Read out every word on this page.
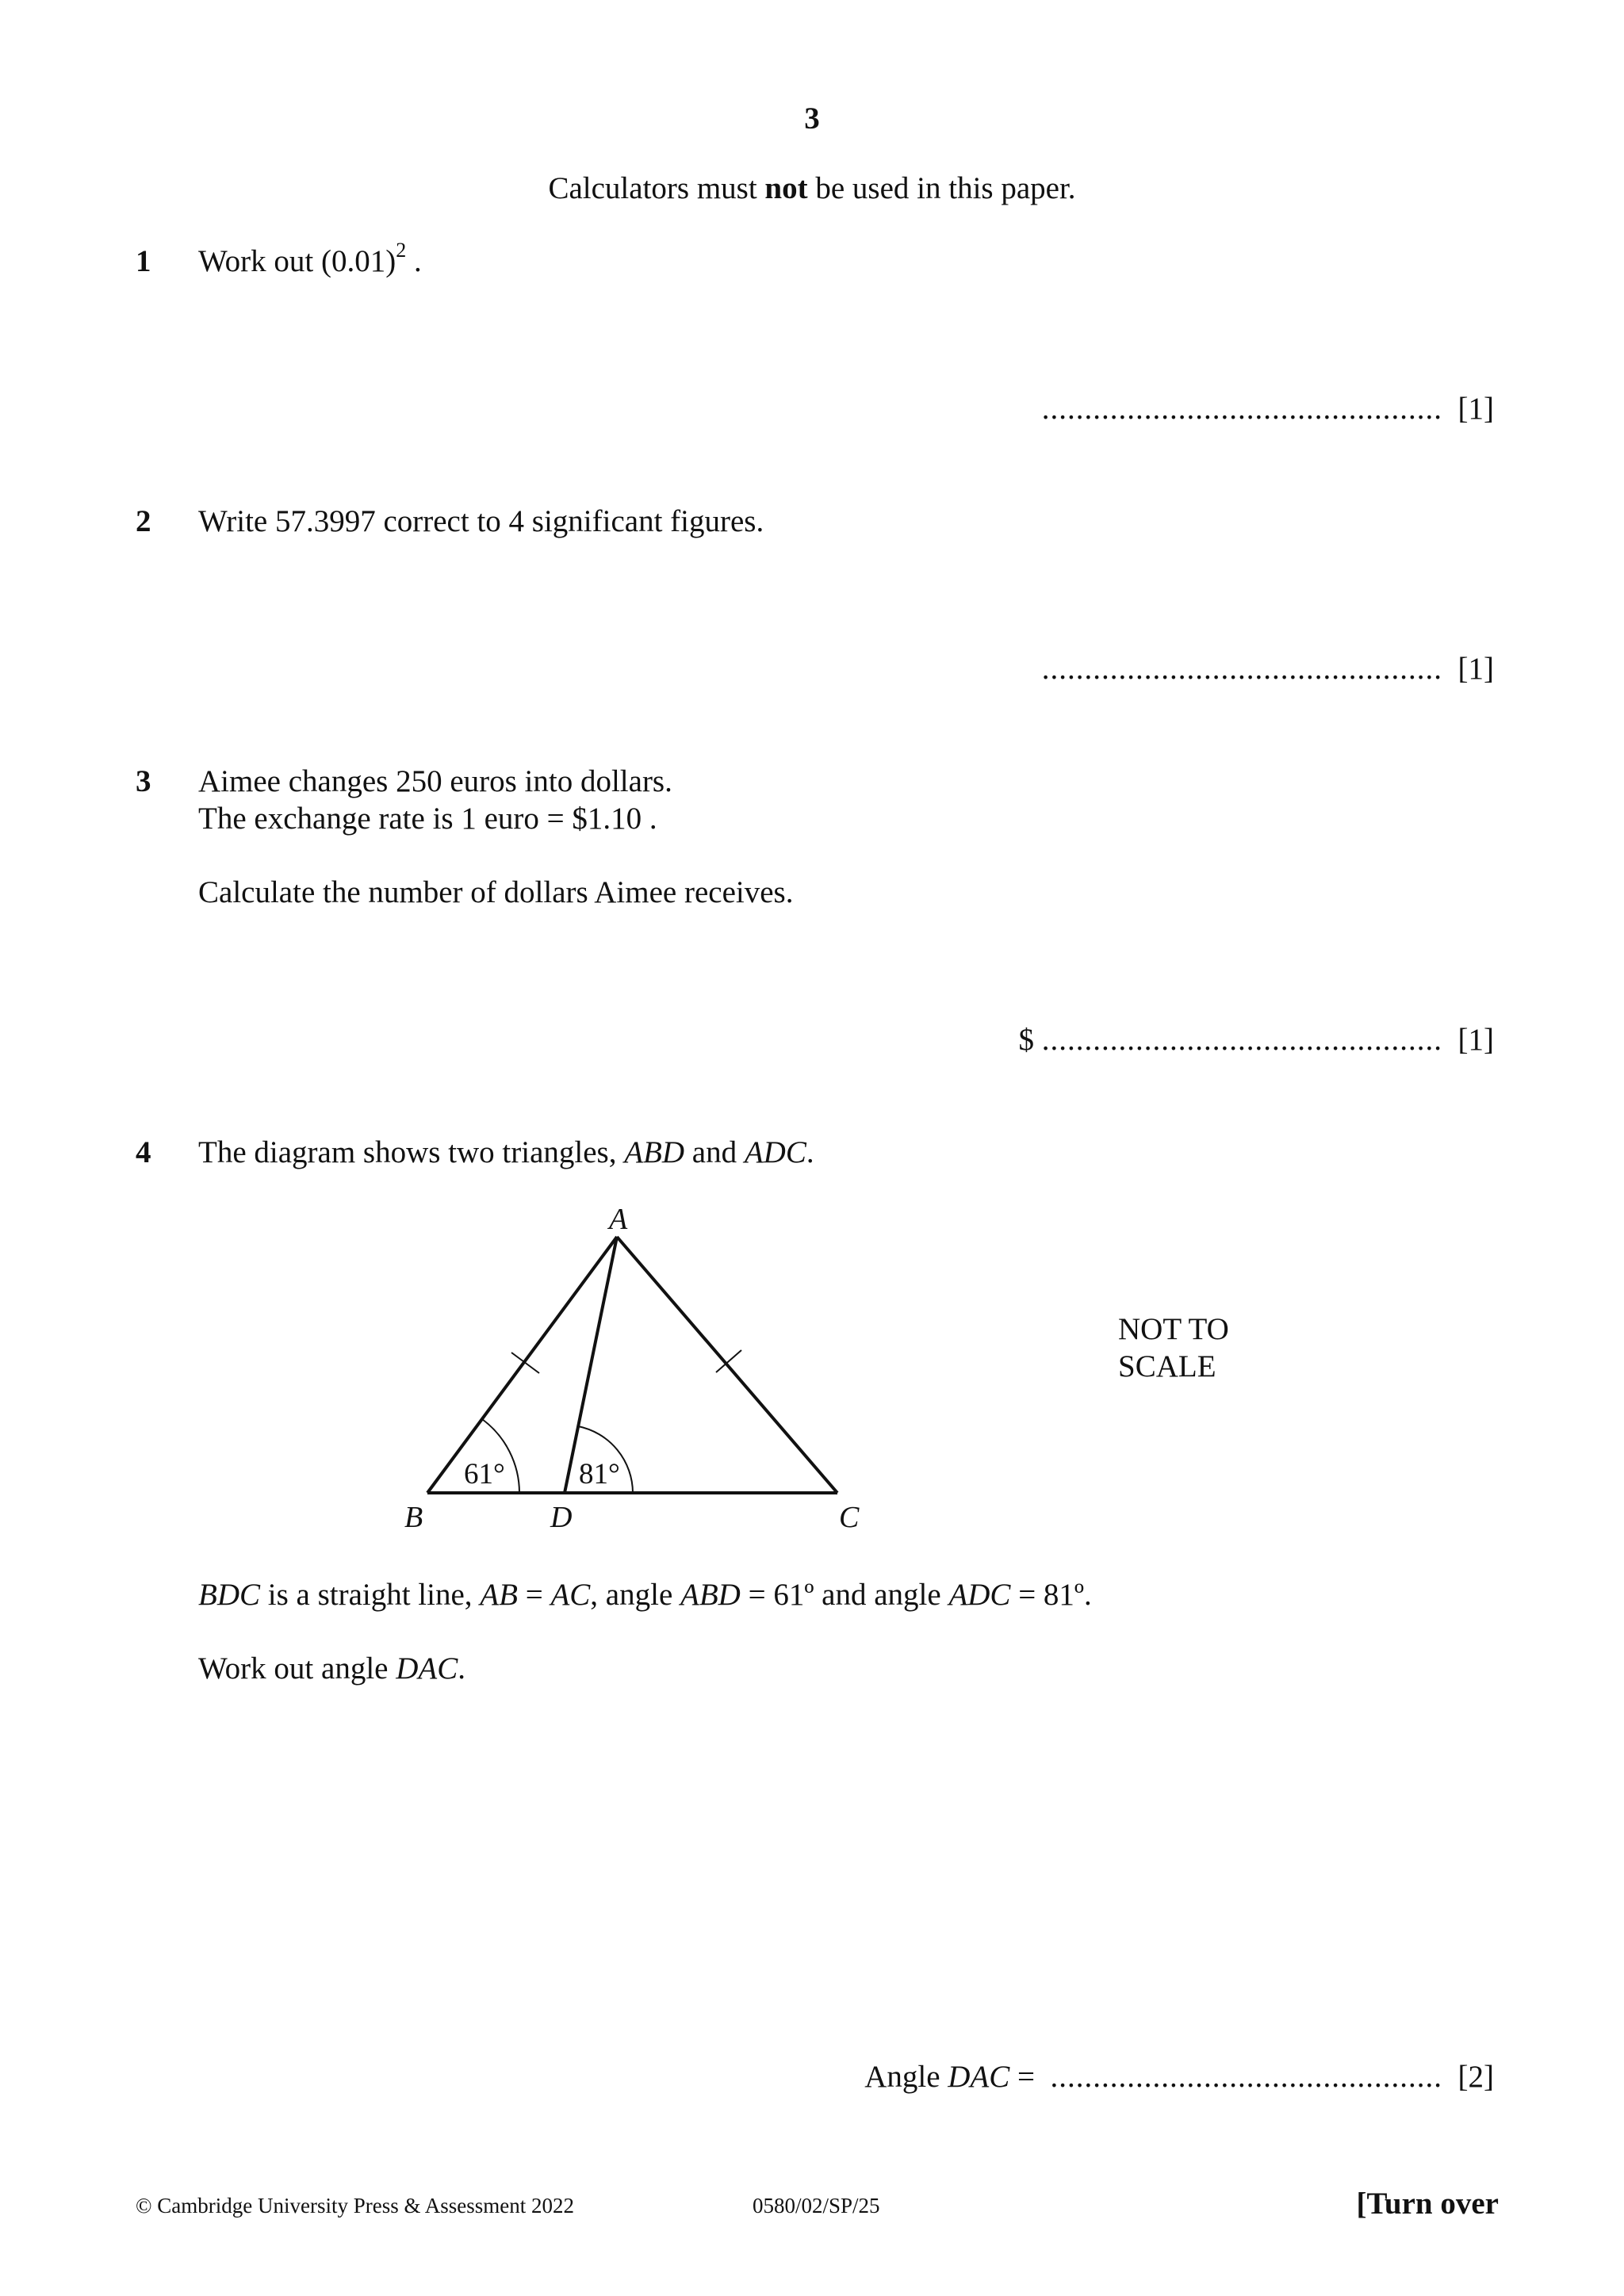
3
Calculators must not be used in this paper.
1 Work out $(0.01)^2$ .
............................................... [1]
2 Write 57.3997 correct to 4 significant figures.
............................................... [1]
3 Aimee changes 250 euros into dollars.
The exchange rate is 1 euro = $1.10 .
Calculate the number of dollars Aimee receives.
$ ............................................... [1]
4 The diagram shows two triangles, ABD and ADC.
61°	81°
A
B	D	C
NOT TO
SCALE
BDC is a straight line, AB = AC, angle ABD = 61º and angle ADC = 81º.
Work out angle DAC.
Angle DAC = .............................................. [2]
© Cambridge University Press & Assessment 2022	0580/02/SP/25	[Turn over
